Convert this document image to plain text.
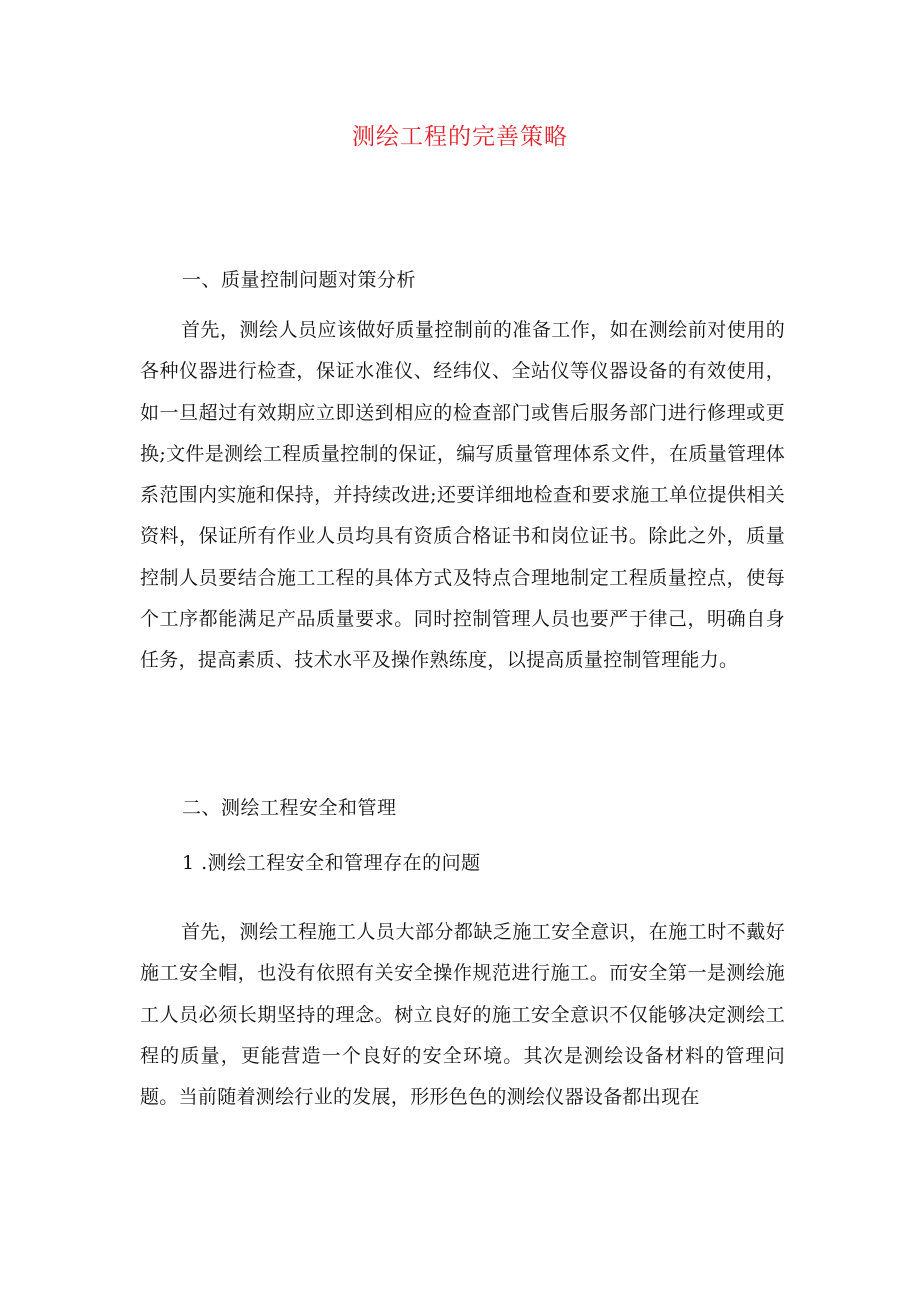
测绘工程的完善策略
一、质量控制问题对策分析
首先，测绘人员应该做好质量控制前的准备工作，如在测绘前对使用的各种仪器进行检查，保证水准仪、经纬仪、全站仪等仪器设备的有效使用，如一旦超过有效期应立即送到相应的检查部门或售后服务部门进行修理或更换;文件是测绘工程质量控制的保证，编写质量管理体系文件，在质量管理体系范围内实施和保持，并持续改进;还要详细地检查和要求施工单位提供相关资料，保证所有作业人员均具有资质合格证书和岗位证书。除此之外，质量控制人员要结合施工工程的具体方式及特点合理地制定工程质量控点，使每个工序都能满足产品质量要求。同时控制管理人员也要严于律己，明确自身任务，提高素质、技术水平及操作熟练度，以提高质量控制管理能力。
二、测绘工程安全和管理
1 .测绘工程安全和管理存在的问题
首先，测绘工程施工人员大部分都缺乏施工安全意识，在施工时不戴好施工安全帽，也没有依照有关安全操作规范进行施工。而安全第一是测绘施工人员必须长期坚持的理念。树立良好的施工安全意识不仅能够决定测绘工程的质量，更能营造一个良好的安全环境。其次是测绘设备材料的管理问题。当前随着测绘行业的发展，形形色色的测绘仪器设备都出现在
